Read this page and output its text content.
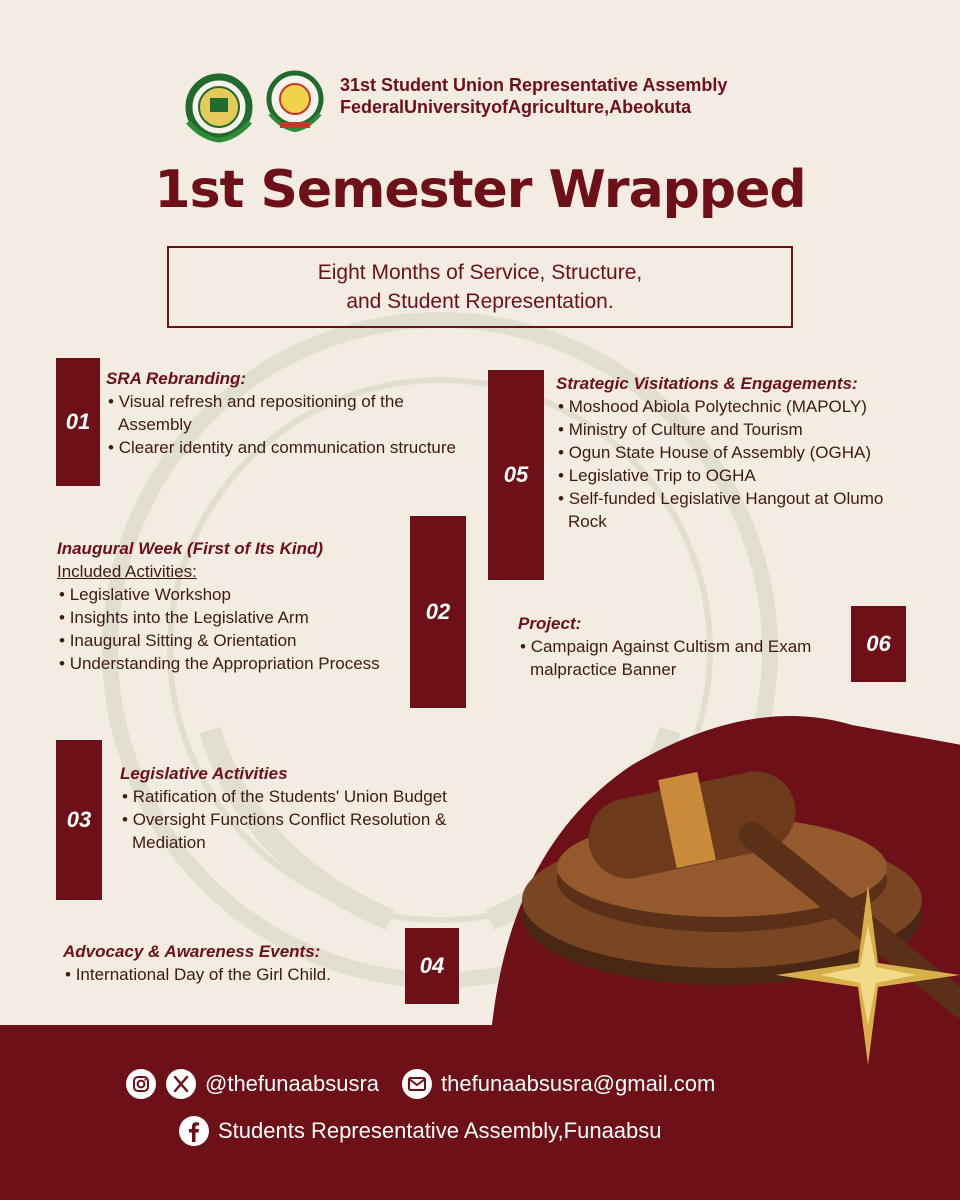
31st Student Union Representative Assembly
FederalUniversityofAgriculture,Abeokuta
1st Semester Wrapped
Eight Months of Service, Structure,
and Student Representation.
01
SRA Rebranding:
• Visual refresh and repositioning of the Assembly
• Clearer identity and communication structure
02
Inaugural Week (First of Its Kind)
Included Activities:
• Legislative Workshop
• Insights into the Legislative Arm
• Inaugural Sitting & Orientation
• Understanding the Appropriation Process
03
Legislative Activities
• Ratification of the Students' Union Budget
• Oversight Functions Conflict Resolution & Mediation
04
Advocacy & Awareness Events:
• International Day of the Girl Child.
05
Strategic Visitations & Engagements:
• Moshood Abiola Polytechnic (MAPOLY)
• Ministry of Culture and Tourism
• Ogun State House of Assembly (OGHA)
• Legislative Trip to OGHA
• Self-funded Legislative Hangout at Olumo Rock
06
Project:
• Campaign Against Cultism and Exam malpractice Banner
@thefunaabsusra	thefunaabsusra@gmail.com
Students Representative Assembly,Funaabsu
